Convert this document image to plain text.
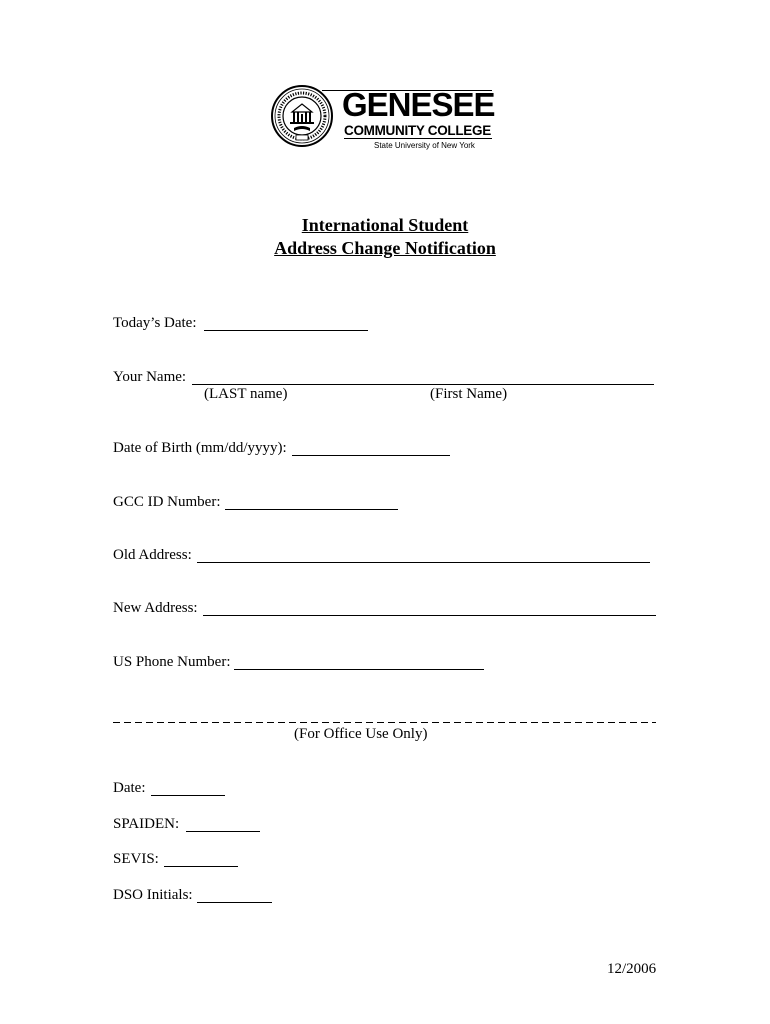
GENESEE
COMMUNITY COLLEGE
State University of New York
International Student
Address Change Notification
Today’s Date:
Your Name:
(LAST name)	(First Name)
Date of Birth (mm/dd/yyyy):
GCC ID Number:
Old Address:
New Address:
US Phone Number:
(For Office Use Only)
Date:
SPAIDEN:
SEVIS:
DSO Initials:
12/2006
